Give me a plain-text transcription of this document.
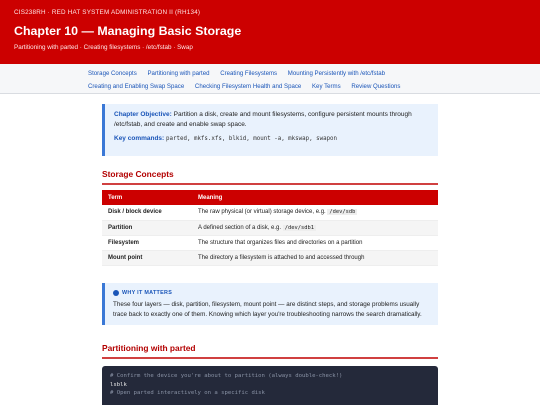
CIS238RH · RED HAT SYSTEM ADMINISTRATION II (RH134)
Chapter 10 — Managing Basic Storage
Partitioning with parted · Creating filesystems · /etc/fstab · Swap
Storage Concepts Partitioning with parted Creating Filesystems Mounting Persistently with /etc/fstab
Creating and Enabling Swap Space Checking Filesystem Health and Space Key Terms Review Questions
Chapter Objective: Partition a disk, create and mount filesystems, configure persistent mounts through /etc/fstab, and create and enable swap space.
Key commands: parted, mkfs.xfs, blkid, mount -a, mkswap, swapon
Storage Concepts
Term	Meaning
Disk / block device	The raw physical (or virtual) storage device, e.g. /dev/sdb
Partition	A defined section of a disk, e.g. /dev/sdb1
Filesystem	The structure that organizes files and directories on a partition
Mount point	The directory a filesystem is attached to and accessed through
WHY IT MATTERS
These four layers — disk, partition, filesystem, mount point — are distinct steps, and storage problems usually trace back to exactly one of them. Knowing which layer you're troubleshooting narrows the search dramatically.
Partitioning with parted
# Confirm the device you're about to partition (always double-check!)
lsblk
# Open parted interactively on a specific disk
